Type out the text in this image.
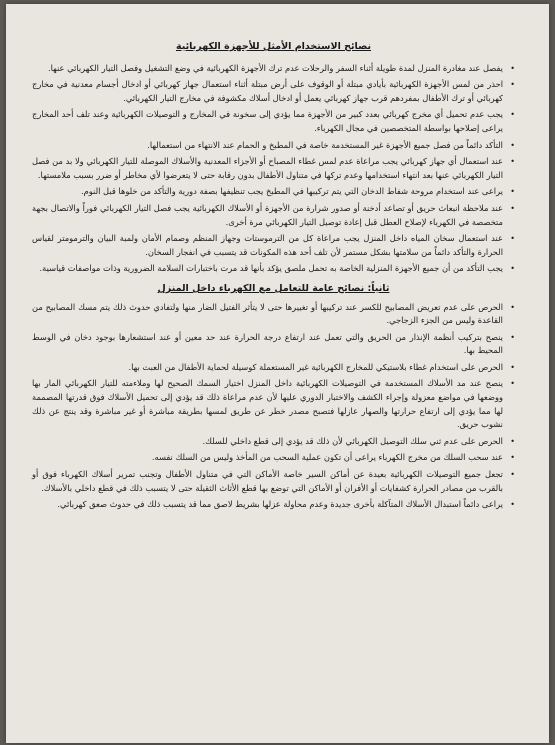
نصائح الاستخدام الأمثل للأجهزة الكهربائية
•
يفصل عند مغادرة المنزل لمدة طويلة أثناء السفر والرحلات عدم ترك الأجهزة الكهربائية في وضع التشغيل وفصل التيار الكهربائي عنها.
•
احذر من لمس الأجهزة الكهربائية بأيادي مبتلة أو الوقوف على أرض مبتلة أثناء استعمال جهاز كهربائي أو ادخال أجسام معدنية في مخارج كهربائي أو ترك الأطفال بمفردهم قرب جهاز كهربائي يعمل أو ادخال أسلاك مكشوفة في مخارج التيار الكهربائي.
•
يجب عدم تحميل أي مخرج كهربائي بعدد كبير من الأجهزة مما يؤدي إلى سخونة في المخارج و التوصيلات الكهربائية وعند تلف أحد المخارج يراعى إصلاحها بواسطة المتخصصين في مجال الكهرباء.
•
التأكد دائماً من فصل جميع الأجهزة غير المستخدمة خاصة في المطبخ و الحمام عند الانتهاء من استعمالها.
•
عند استعمال أي جهاز كهربائي يجب مراعاة عدم لمس غطاء المصباح أو الأجزاء المعدنية والأسلاك الموصلة للتيار الكهربائي ولا بد من فصل التيار الكهربائي عنها بعد انتهاء استخدامها وعدم تركها في متناول الأطفال بدون رقابة حتى لا يتعرضوا لأي مخاطر أو ضرر بسبب ملامستها.
•
يراعى عند استخدام مروحة شفاط الدخان التي يتم تركيبها في المطبخ يجب تنظيفها بصفة دورية والتأكد من خلوها قبل النوم.
•
عند ملاحظة انبعاث حريق أو تصاعد أدخنة أو صدور شرارة من الأجهزة أو الأسلاك الكهربائية يجب فصل التيار الكهربائي فوراً والاتصال بجهة متخصصة في الكهرباء لإصلاح العطل قبل إعادة توصيل التيار الكهربائي مرة أخرى.
•
عند استعمال سخان المياه داخل المنزل يجب مراعاة كل من الترموستات وجهاز المنظم وصمام الأمان ولمبة البيان والترمومتر لقياس الحرارة والتأكد دائماً من سلامتها بشكل مستمر لأن تلف أحد هذه المكونات قد يتسبب في انفجار السخان.
•
يجب التأكد من أن جميع الأجهزة المنزلية الخاصة به تحمل ملصق يؤكد بأنها قد مرت باختبارات السلامة الضرورية وذات مواصفات قياسية.
ثانياً: نصائح عامة للتعامل مع الكهرباء داخل المنزل
•
الحرص على عدم تعريض المصابيح للكسر عند تركيبها أو تغييرها حتى لا يتأثر الفتيل الضار منها ولتفادي حدوث ذلك يتم مسك المصابيح من القاعدة وليس من الجزء الزجاجي.
•
ينصح بتركيب أنظمة الإنذار من الحريق والتي تعمل عند ارتفاع درجة الحرارة عند حد معين أو عند استشعارها بوجود دخان في الوسط المحيط بها.
•
الحرص على استخدام غطاء بلاستيكي للمخارج الكهربائية غير المستعملة كوسيلة لحماية الأطفال من العبث بها.
•
ينصح عند مد الأسلاك المستخدمة في التوصيلات الكهربائية داخل المنزل اختيار السمك الصحيح لها وملاءمته للتيار الكهربائي المار بها ووضعها في مواضع معزولة وإجراء الكشف والاختبار الدوري عليها لأن عدم مراعاة ذلك قد يؤدي إلى تحميل الأسلاك فوق قدرتها المصممة لها مما يؤدي إلى ارتفاع حرارتها والصهار عازلها فتصبح مصدر خطر عن طريق لمسها بطريقة مباشرة أو غير مباشرة وقد ينتج عن ذلك نشوب حريق.
•
الحرص على عدم ثني سلك التوصيل الكهربائي لأن ذلك قد يؤدي إلى قطع داخلي للسلك.
•
عند سحب السلك من مخرج الكهرباء يراعى أن تكون عملية السحب من المأخذ وليس من السلك نفسه.
•
تجعل جميع التوصيلات الكهربائية بعيدة عن أماكن السير خاصة الأماكن التي في متناول الأطفال وتجنب تمرير أسلاك الكهرباء فوق أو بالقرب من مصادر الحرارة كشفايات أو الأفران أو الأماكن التي توضع بها قطع الأثاث الثقيلة حتى لا يتسبب ذلك في قطع داخلي بالأسلاك.
•
يراعى دائماً استبدال الأسلاك المتآكلة بأخرى جديدة وعدم محاولة عزلها بشريط لاصق مما قد يتسبب ذلك في حدوث صعق كهربائي.
